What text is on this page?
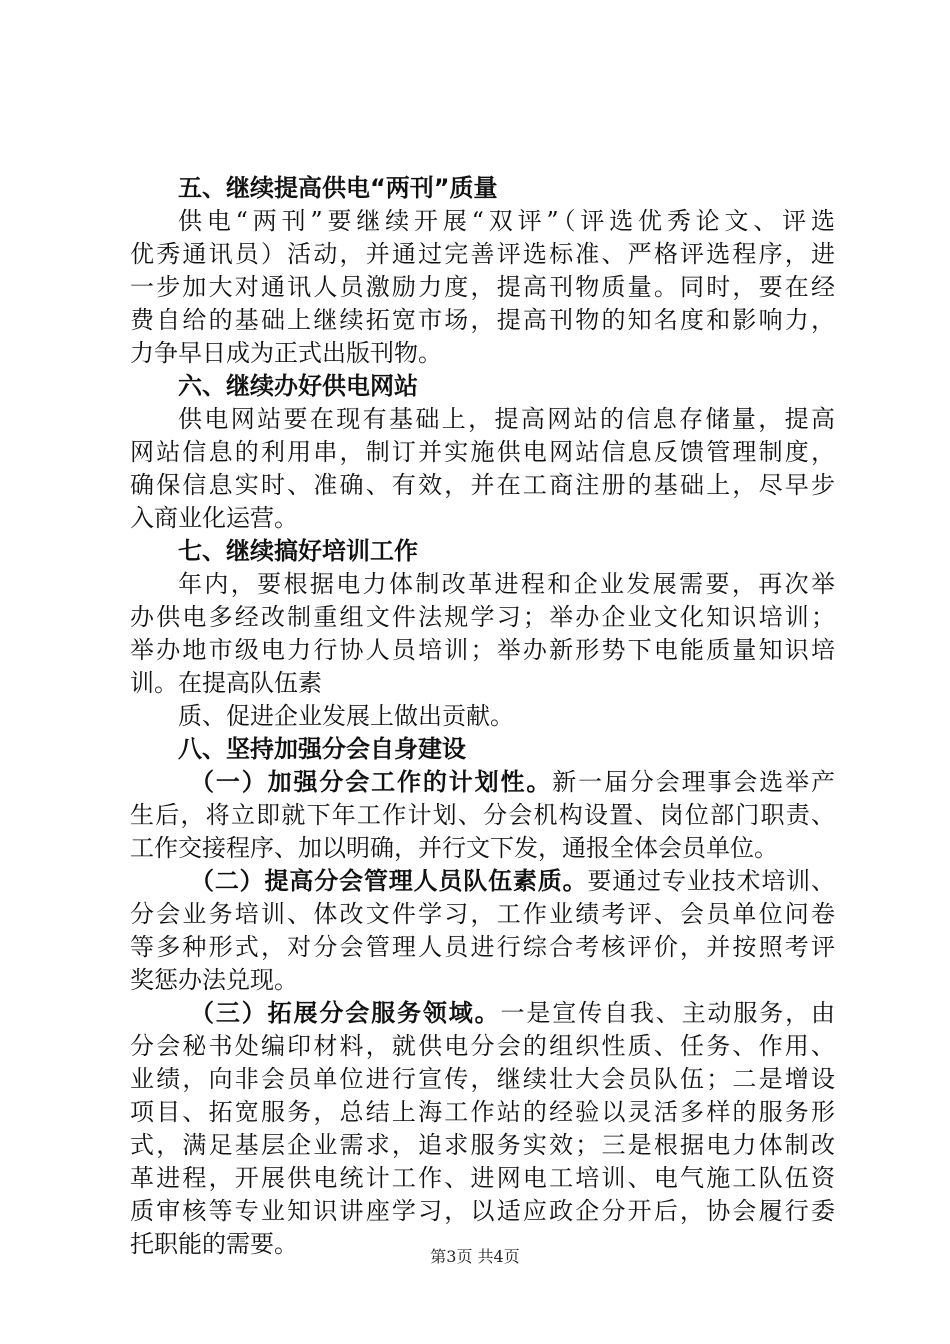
五、继续提高供电“两刊”质量
供电“两刊”要继续开展“双评”（评选优秀论文、评选
优秀通讯员）活动，并通过完善评选标准、严格评选程序，进
一步加大对通讯人员激励力度，提高刊物质量。同时，要在经
费自给的基础上继续拓宽市场，提高刊物的知名度和影响力，
力争早日成为正式出版刊物。
六、继续办好供电网站
供电网站要在现有基础上，提高网站的信息存储量，提高
网站信息的利用串，制订并实施供电网站信息反馈管理制度，
确保信息实时、准确、有效，并在工商注册的基础上，尽早步
入商业化运营。
七、继续搞好培训工作
年内，要根据电力体制改革进程和企业发展需要，再次举
办供电多经改制重组文件法规学习；举办企业文化知识培训；
举办地市级电力行协人员培训；举办新形势下电能质量知识培
训。在提高队伍素
质、促进企业发展上做出贡献。
八、坚持加强分会自身建设
（一）加强分会工作的计划性。新一届分会理事会选举产
生后，将立即就下年工作计划、分会机构设置、岗位部门职责、
工作交接程序、加以明确，并行文下发，通报全体会员单位。
（二）提高分会管理人员队伍素质。要通过专业技术培训、
分会业务培训、体改文件学习，工作业绩考评、会员单位问卷
等多种形式，对分会管理人员进行综合考核评价，并按照考评
奖惩办法兑现。
（三）拓展分会服务领域。一是宣传自我、主动服务，由
分会秘书处编印材料，就供电分会的组织性质、任务、作用、
业绩，向非会员单位进行宣传，继续壮大会员队伍；二是增设
项目、拓宽服务，总结上海工作站的经验以灵活多样的服务形
式，满足基层企业需求，追求服务实效；三是根据电力体制改
革进程，开展供电统计工作、进网电工培训、电气施工队伍资
质审核等专业知识讲座学习，以适应政企分开后，协会履行委
托职能的需要。	第3页 共4页
